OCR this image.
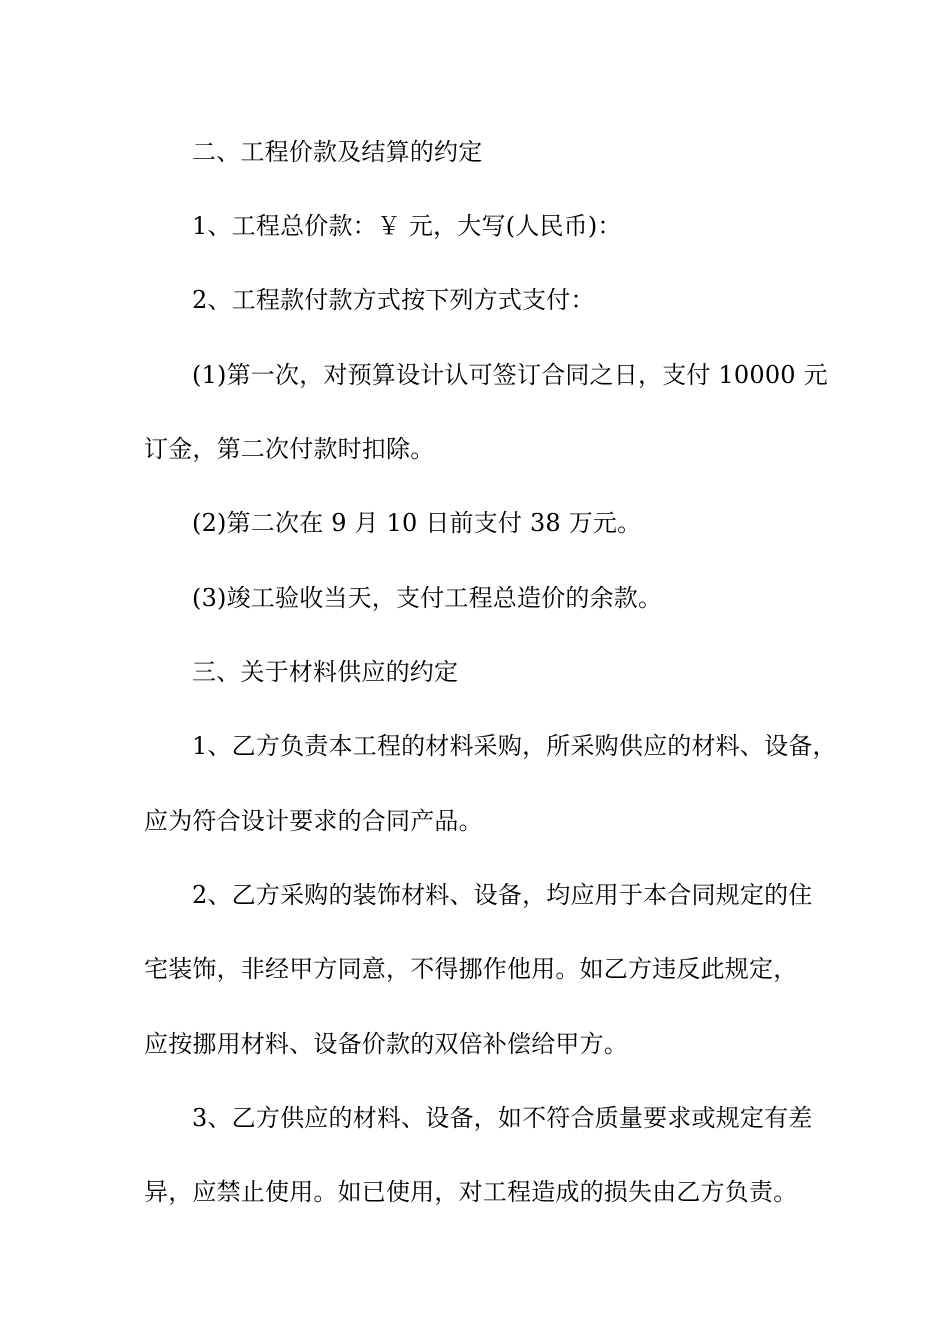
二、工程价款及结算的约定
1、工程总价款：￥ 元，大写(人民币)：
2、工程款付款方式按下列方式支付：
(1)第一次，对预算设计认可签订合同之日，支付 10000 元
订金，第二次付款时扣除。
(2)第二次在 9 月 10 日前支付 38 万元。
(3)竣工验收当天，支付工程总造价的余款。
三、关于材料供应的约定
1、乙方负责本工程的材料采购，所采购供应的材料、设备，
应为符合设计要求的合同产品。
2、乙方采购的装饰材料、设备，均应用于本合同规定的住
宅装饰，非经甲方同意，不得挪作他用。如乙方违反此规定，
应按挪用材料、设备价款的双倍补偿给甲方。
3、乙方供应的材料、设备，如不符合质量要求或规定有差
异，应禁止使用。如已使用，对工程造成的损失由乙方负责。
